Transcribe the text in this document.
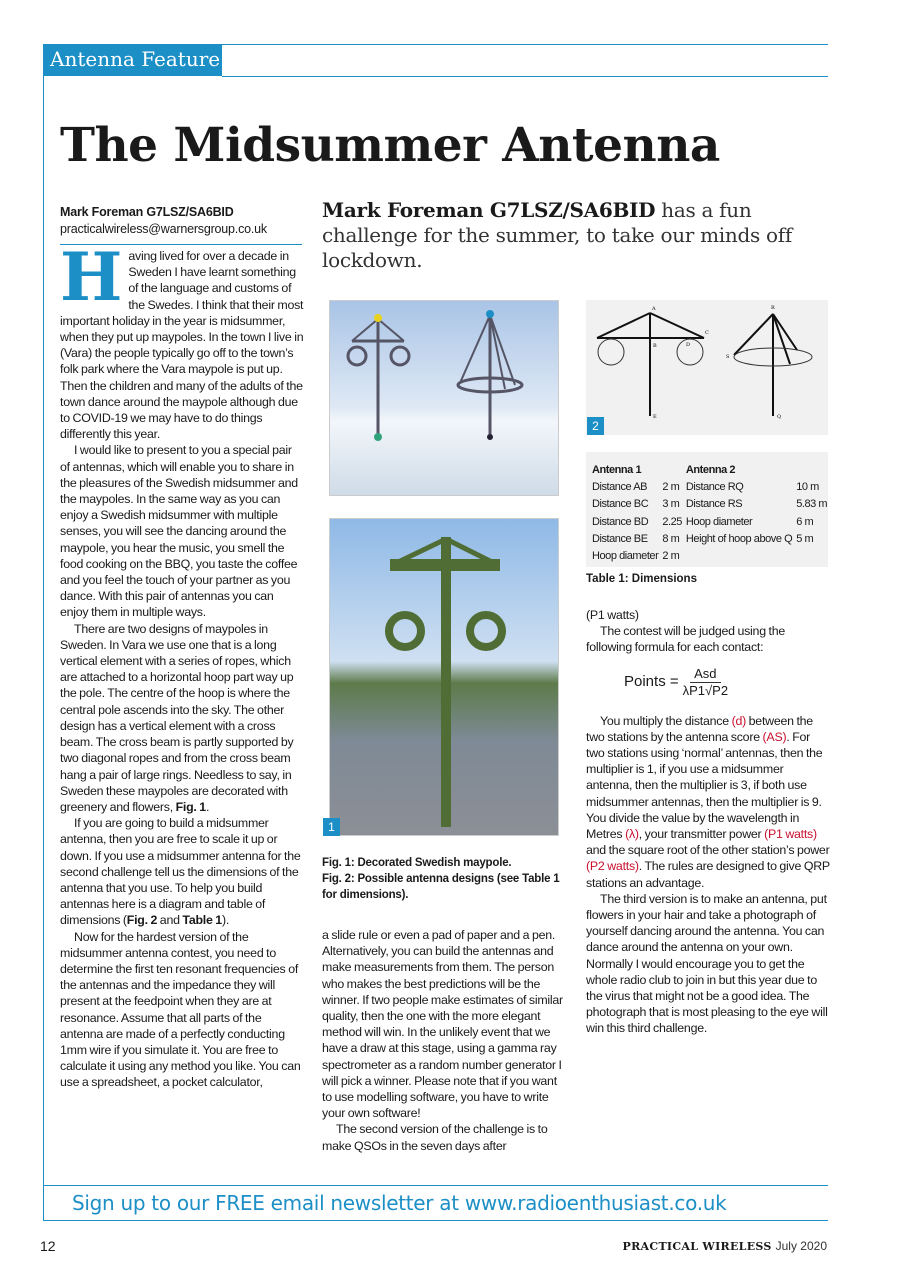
Antenna Feature
The Midsummer Antenna
Mark Foreman G7LSZ/SA6BID
practicalwireless@warnersgroup.co.uk
Mark Foreman G7LSZ/SA6BID has a fun challenge for the summer, to take our minds off lockdown.

Having lived for over a decade in Sweden I have learnt something of the language and customs of the Swedes. I think that their most important holiday in the year is midsummer, when they put up maypoles. In the town I live in (Vara) the people typically go off to the town’s folk park where the Vara maypole is put up. Then the children and many of the adults of the town dance around the maypole although due to COVID-19 we may have to do things differently this year.

I would like to present to you a special pair of antennas, which will enable you to share in the pleasures of the Swedish midsummer and the maypoles. In the same way as you can enjoy a Swedish midsummer with multiple senses, you will see the dancing around the maypole, you hear the music, you smell the food cooking on the BBQ, you taste the coffee and you feel the touch of your partner as you dance. With this pair of antennas you can enjoy them in multiple ways.

There are two designs of maypoles in Sweden. In Vara we use one that is a long vertical element with a series of ropes, which are attached to a horizontal hoop part way up the pole. The centre of the hoop is where the central pole ascends into the sky. The other design has a vertical element with a cross beam. The cross beam is partly supported by two diagonal ropes and from the cross beam hang a pair of large rings. Needless to say, in Sweden these maypoles are decorated with greenery and flowers, Fig. 1.

If you are going to build a midsummer antenna, then you are free to scale it up or down. If you use a midsummer antenna for the second challenge tell us the dimensions of the antenna that you use. To help you build antennas here is a diagram and table of dimensions (Fig. 2 and Table 1).

Now for the hardest version of the midsummer antenna contest, you need to determine the first ten resonant frequencies of the antennas and the impedance they will present at the feedpoint when they are at resonance. Assume that all parts of the antenna are made of a perfectly conducting 1mm wire if you simulate it. You are free to calculate it using any method you like. You can use a spreadsheet, a pocket calculator,

1
Fig. 1: Decorated Swedish maypole.
Fig. 2: Possible antenna designs (see Table 1 for dimensions).

a slide rule or even a pad of paper and a pen. Alternatively, you can build the antennas and make measurements from them. The person who makes the best predictions will be the winner. If two people make estimates of similar quality, then the one with the more elegant method will win. In the unlikely event that we have a draw at this stage, using a gamma ray spectrometer as a random number generator I will pick a winner. Please note that if you want to use modelling software, you have to write your own software!

The second version of the challenge is to make QSOs in the seven days after

A
B
C
D
E
R
S
Q
2
Antenna 1		Antenna 2	
Distance AB	2 m	Distance RQ	10 m
Distance BC	3 m	Distance RS	5.83 m
Distance BD	2.25	Hoop diameter	6 m
Distance BE	8 m	Height of hoop above Q	5 m
Hoop diameter	2 m		
Table 1: Dimensions

(P1 watts)

The contest will be judged using the following formula for each contact:

Points = $\frac{\text{Asd}}{\lambda P1√P2}$

You multiply the distance (d) between the two stations by the antenna score (AS). For two stations using ‘normal’ antennas, then the multiplier is 1, if you use a midsummer antenna, then the multiplier is 3, if both use midsummer antennas, then the multiplier is 9. You divide the value by the wavelength in Metres (λ), your transmitter power (P1 watts) and the square root of the other station’s power (P2 watts). The rules are designed to give QRP stations an advantage.

The third version is to make an antenna, put flowers in your hair and take a photograph of yourself dancing around the antenna. You can dance around the antenna on your own. Normally I would encourage you to get the whole radio club to join in but this year due to the virus that might not be a good idea. The photograph that is most pleasing to the eye will win this third challenge.

Sign up to our FREE email newsletter at www.radioenthusiast.co.uk
12	PRACTICAL WIRELESS July 2020
